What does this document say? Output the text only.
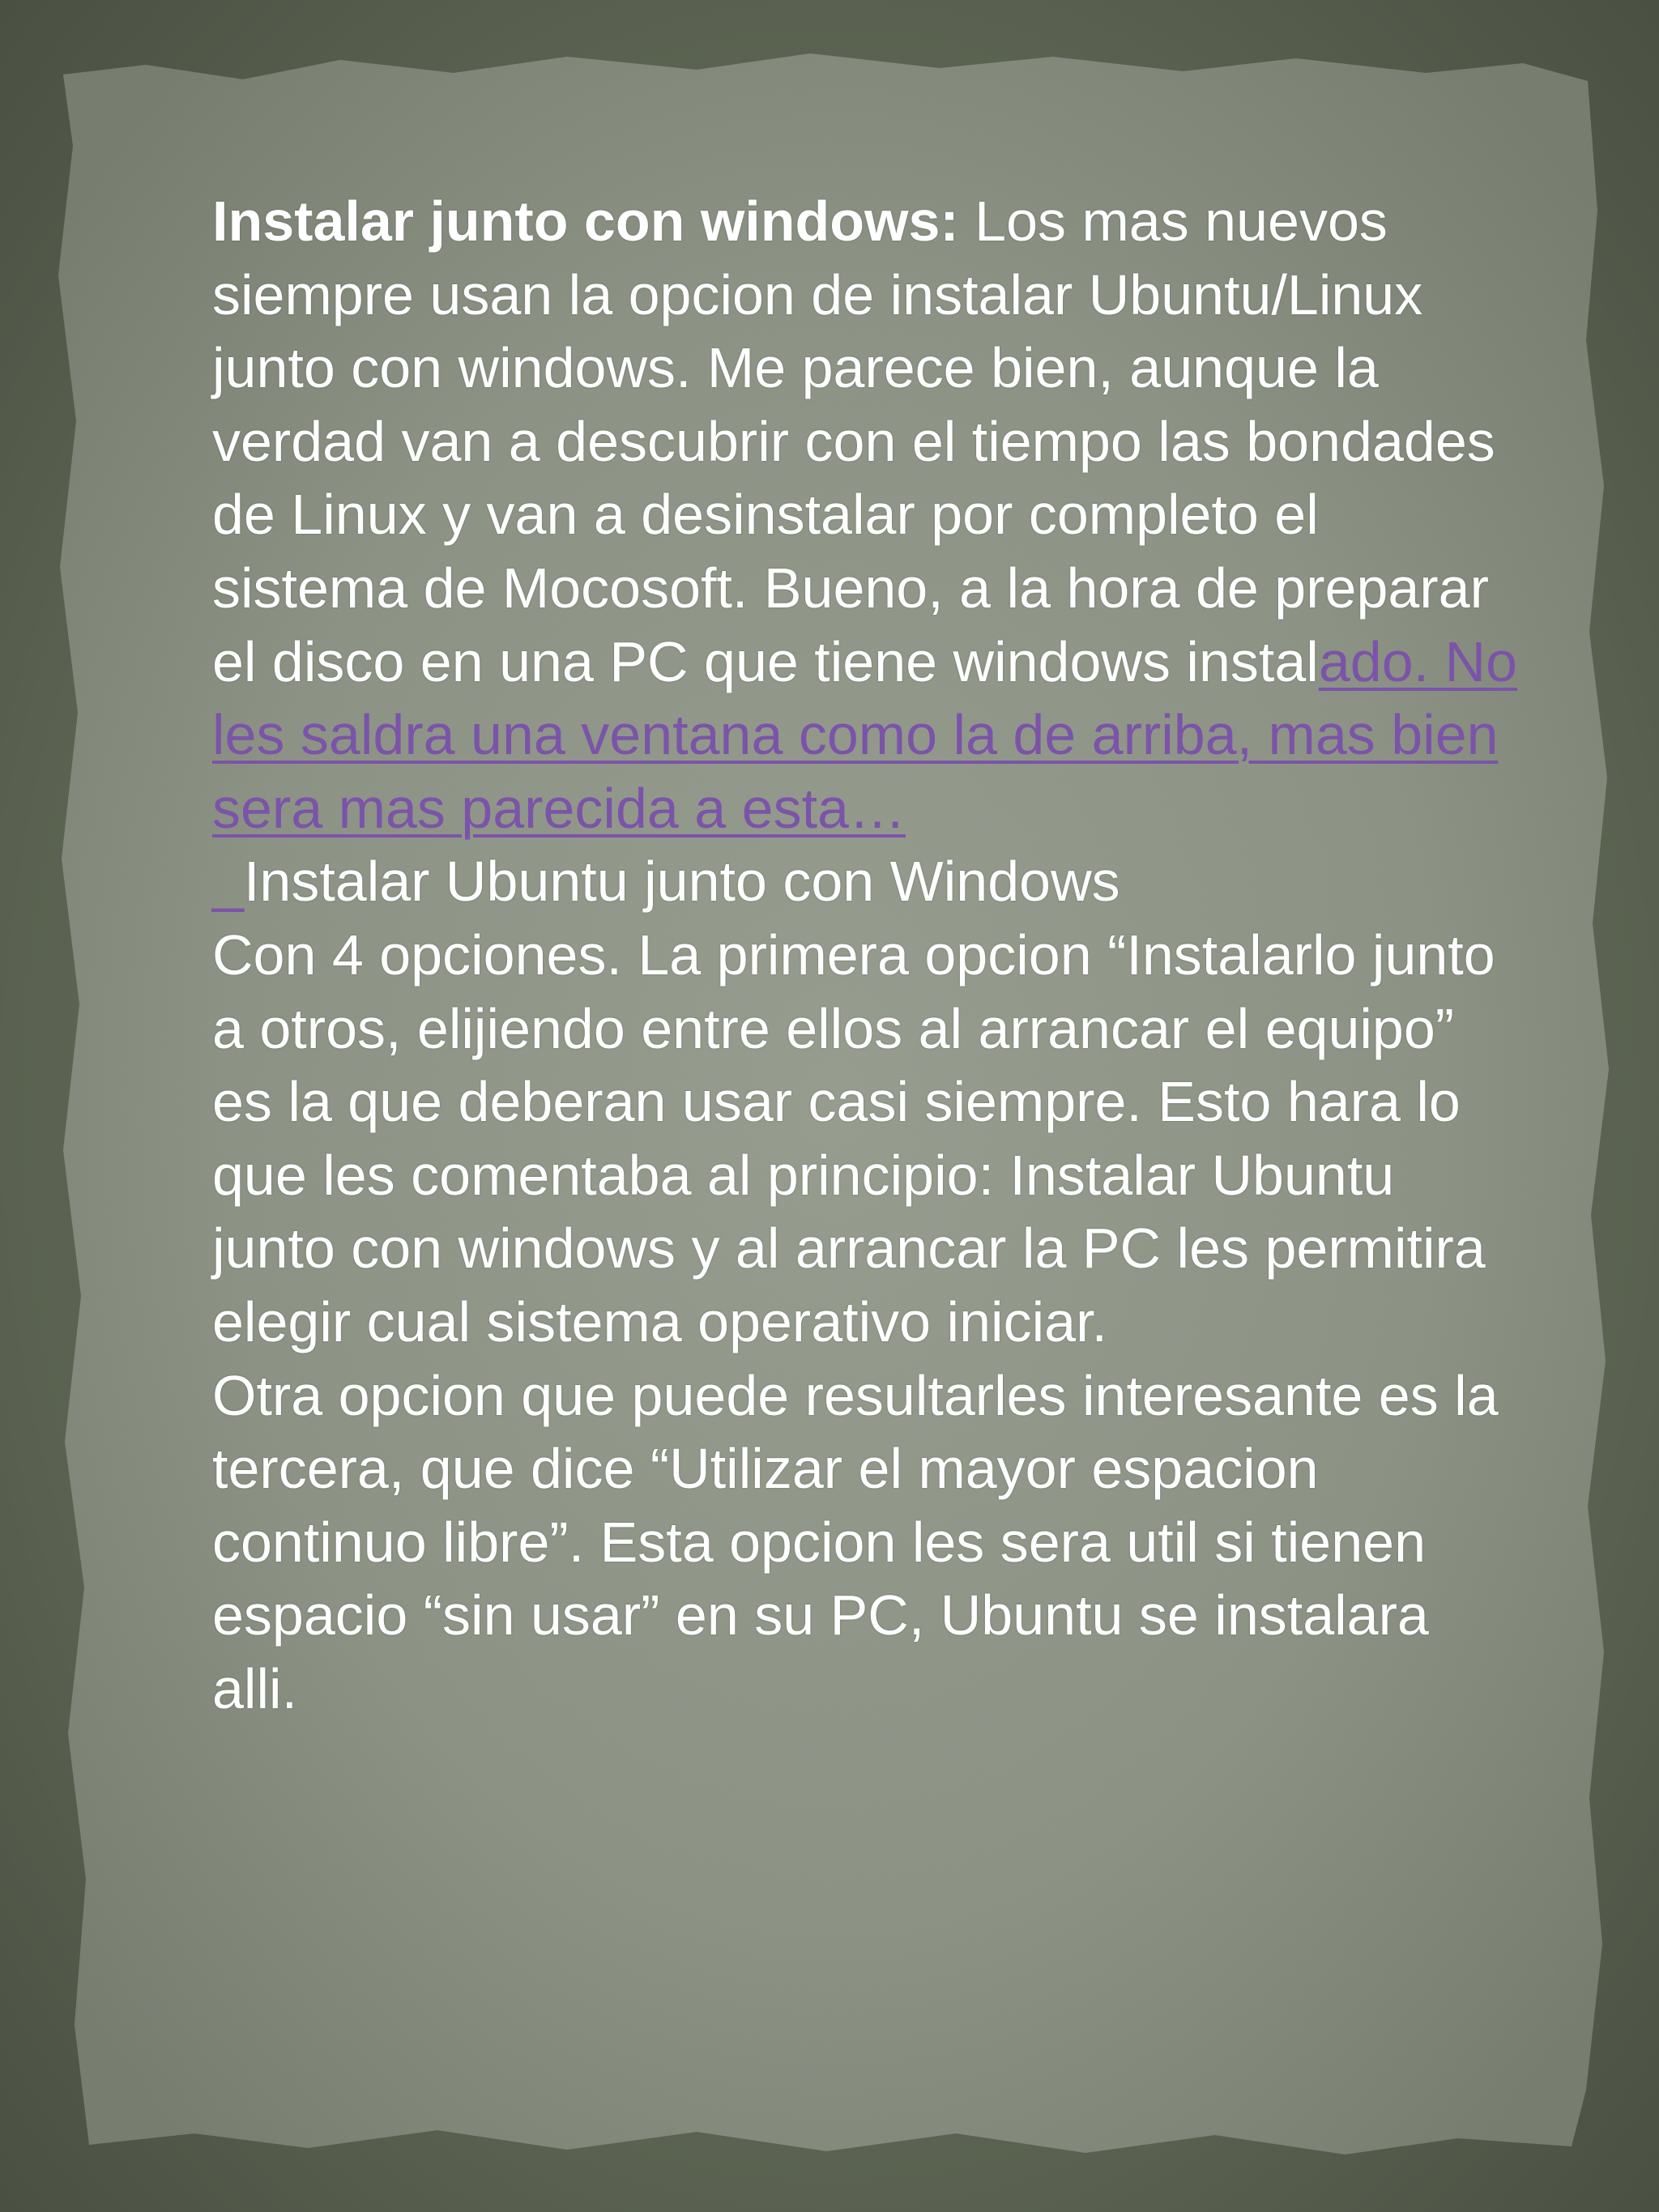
Instalar junto con windows: Los mas nuevos siempre usan la opcion de instalar Ubuntu/Linux junto con windows. Me parece bien, aunque la verdad van a descubrir con el tiempo las bondades de Linux y van a desinstalar por completo el sistema de Mocosoft. Bueno, a la hora de preparar el disco en una PC que tiene windows instalado. No les saldra una ventana como la de arriba, mas bien sera mas parecida a esta…

_Instalar Ubuntu junto con Windows

Con 4 opciones. La primera opcion “Instalarlo junto a otros, elijiendo entre ellos al arrancar el equipo” es la que deberan usar casi siempre. Esto hara lo que les comentaba al principio: Instalar Ubuntu junto con windows y al arrancar la PC les permitira elegir cual sistema operativo iniciar.

Otra opcion que puede resultarles interesante es la tercera, que dice “Utilizar el mayor espacion continuo libre”. Esta opcion les sera util si tienen espacio “sin usar” en su PC, Ubuntu se instalara alli.
